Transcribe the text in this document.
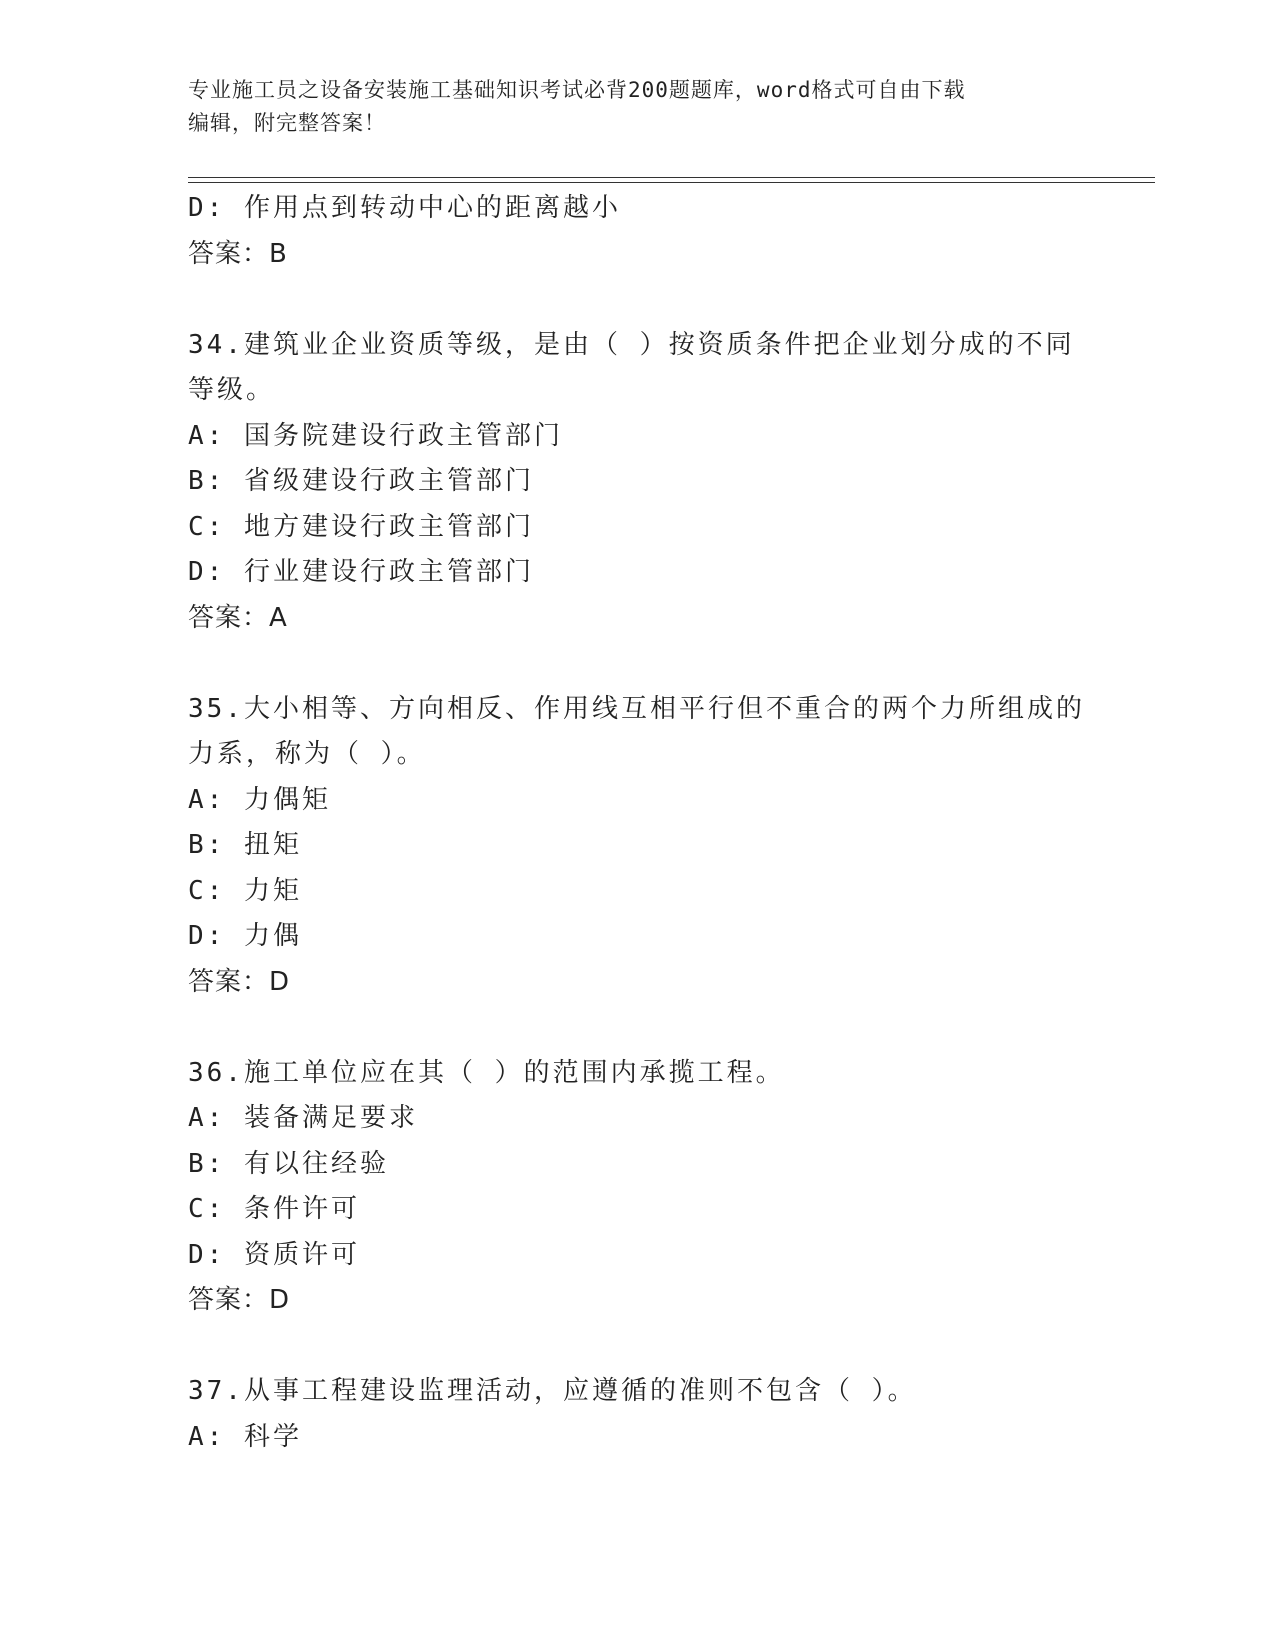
专业施工员之设备安装施工基础知识考试必背200题题库，word格式可自由下载
编辑，附完整答案！
D: 作用点到转动中心的距离越小
答案：B
34.建筑业企业资质等级，是由（ ）按资质条件把企业划分成的不同
等级。
A: 国务院建设行政主管部门
B: 省级建设行政主管部门
C: 地方建设行政主管部门
D: 行业建设行政主管部门
答案：A
35.大小相等、方向相反、作用线互相平行但不重合的两个力所组成的
力系，称为（ ）。
A: 力偶矩
B: 扭矩
C: 力矩
D: 力偶
答案：D
36.施工单位应在其（ ）的范围内承揽工程。
A: 装备满足要求
B: 有以往经验
C: 条件许可
D: 资质许可
答案：D
37.从事工程建设监理活动，应遵循的准则不包含（ ）。
A: 科学
